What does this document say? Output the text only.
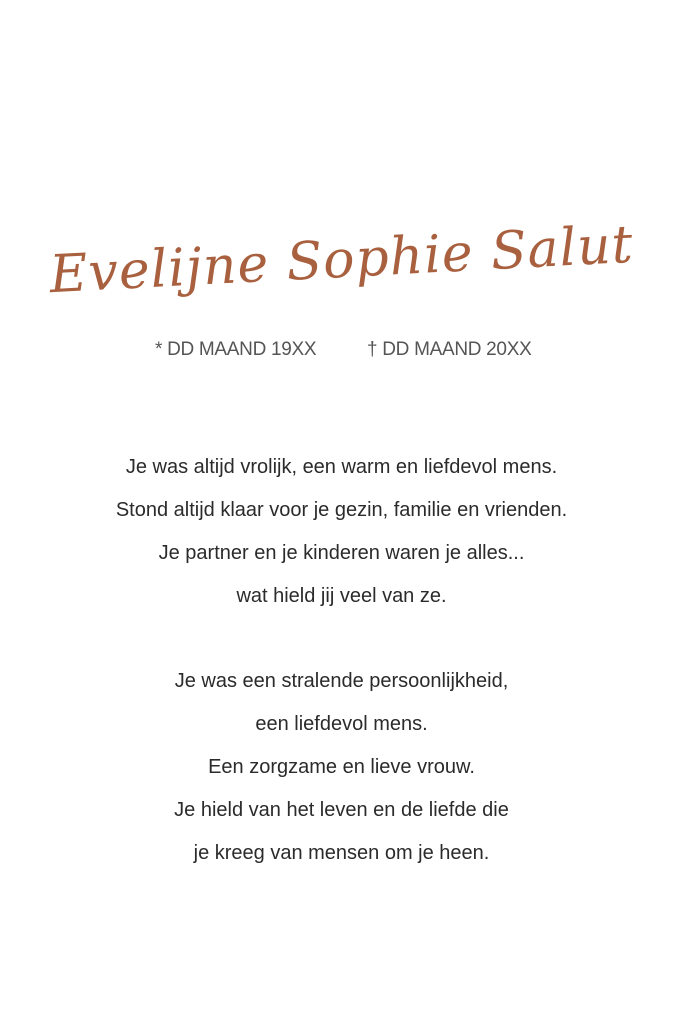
Evelijne Sophie Salut
* DD MAAND 19XX	† DD MAAND 20XX
Je was altijd vrolijk, een warm en liefdevol mens.
Stond altijd klaar voor je gezin, familie en vrienden.
Je partner en je kinderen waren je alles...
wat hield jij veel van ze.
Je was een stralende persoonlijkheid,
een liefdevol mens.
Een zorgzame en lieve vrouw.
Je hield van het leven en de liefde die
je kreeg van mensen om je heen.
